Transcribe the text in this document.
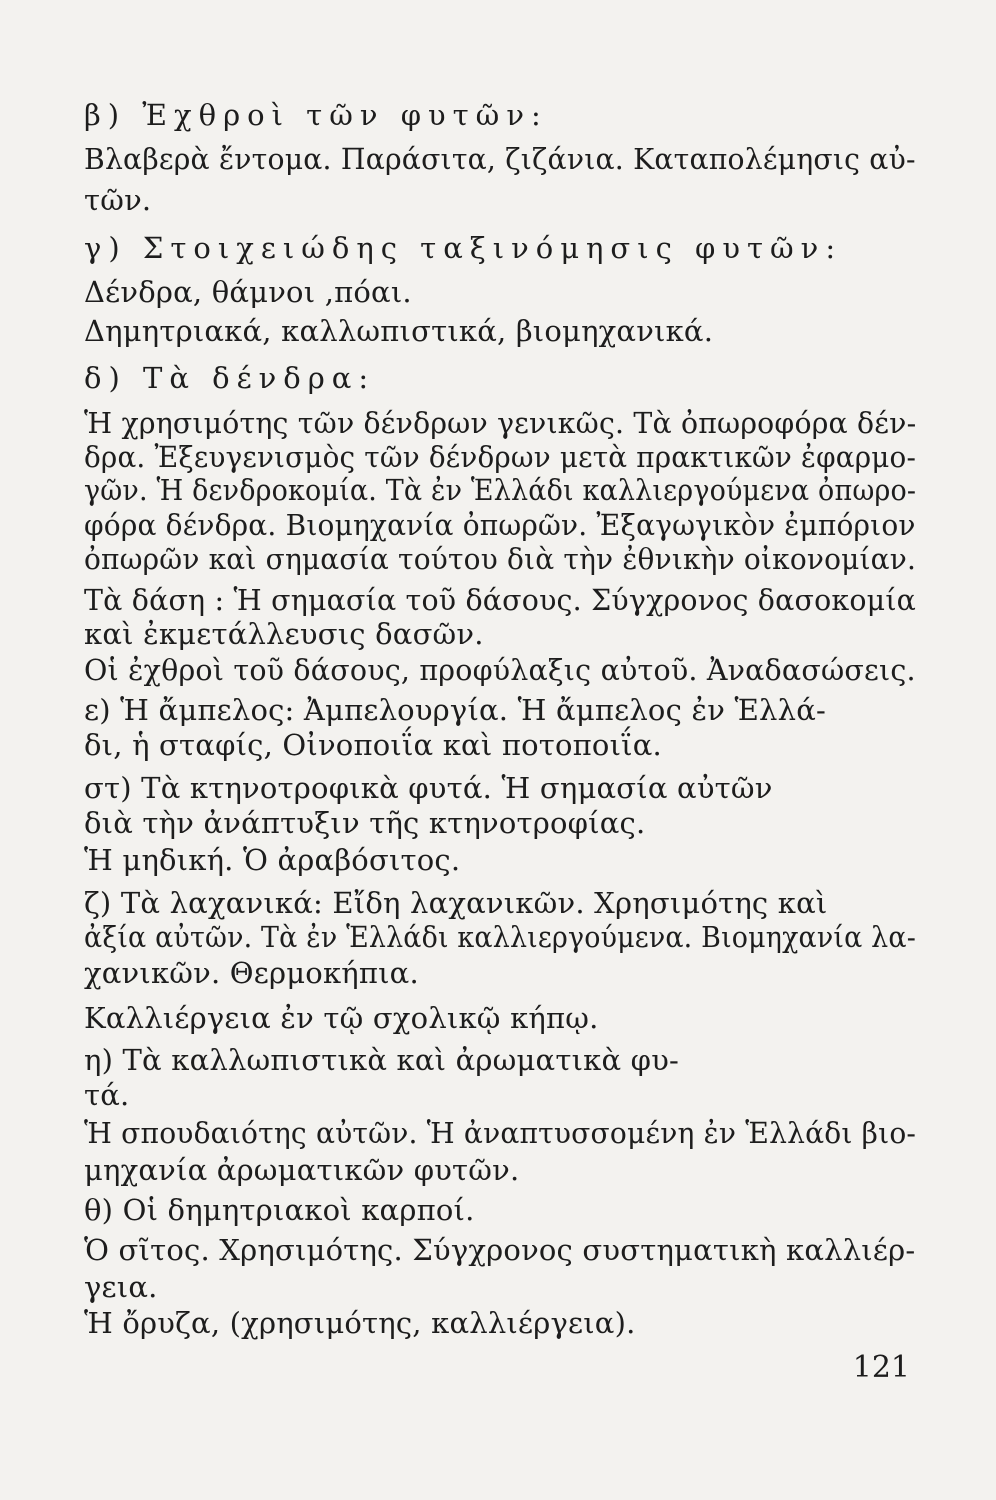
β) Ἐχθροὶ τῶν φυτῶν:
Βλαβερὰ ἔντομα. Παράσιτα, ζιζάνια. Καταπολέμησις αὐ-
τῶν.
γ) Στοιχειώδης ταξινόμησις φυτῶν:
Δένδρα, θάμνοι ,πόαι.
Δημητριακά, καλλωπιστικά, βιομηχανικά.
δ) Τὰ δένδρα:
Ἡ χρησιμότης τῶν δένδρων γενικῶς. Τὰ ὀπωροφόρα δέν-
δρα. Ἐξευγενισμὸς τῶν δένδρων μετὰ πρακτικῶν ἐφαρμο-
γῶν. Ἡ δενδροκομία. Τὰ ἐν Ἑλλάδι καλλιεργούμενα ὀπωρο-
φόρα δένδρα. Βιομηχανία ὀπωρῶν. Ἐξαγωγικὸν ἐμπόριον
ὀπωρῶν καὶ σημασία τούτου διὰ τὴν ἐθνικὴν οἰκονομίαν.
Τὰ δάση : Ἡ σημασία τοῦ δάσους. Σύγχρονος δασοκομία
καὶ ἐκμετάλλευσις δασῶν.
Οἱ ἐχθροὶ τοῦ δάσους, προφύλαξις αὐτοῦ. Ἀναδασώσεις.
ε) Ἡ ἄμπελος: Ἀμπελουργία. Ἡ ἄμπελος ἐν Ἑλλά-
δι, ἡ σταφίς, Οἰνοποιΐα καὶ ποτοποιΐα.
στ) Τὰ κτηνοτροφικὰ φυτά. Ἡ σημασία αὐτῶν
διὰ τὴν ἀνάπτυξιν τῆς κτηνοτροφίας.
Ἡ μηδική. Ὁ ἀραβόσιτος.
ζ) Τὰ λαχανικά: Εἴδη λαχανικῶν. Χρησιμότης καὶ
ἀξία αὐτῶν. Τὰ ἐν Ἑλλάδι καλλιεργούμενα. Βιομηχανία λα-
χανικῶν. Θερμοκήπια.
Καλλιέργεια ἐν τῷ σχολικῷ κήπῳ.
η) Τὰ καλλωπιστικὰ καὶ ἀρωματικὰ φυ-
τά.
Ἡ σπουδαιότης αὐτῶν. Ἡ ἀναπτυσσομένη ἐν Ἑλλάδι βιο-
μηχανία ἀρωματικῶν φυτῶν.
θ) Οἱ δημητριακοὶ καρποί.
Ὁ σῖτος. Χρησιμότης. Σύγχρονος συστηματικὴ καλλιέρ-
γεια.
Ἡ ὄρυζα, (χρησιμότης, καλλιέργεια).
121
